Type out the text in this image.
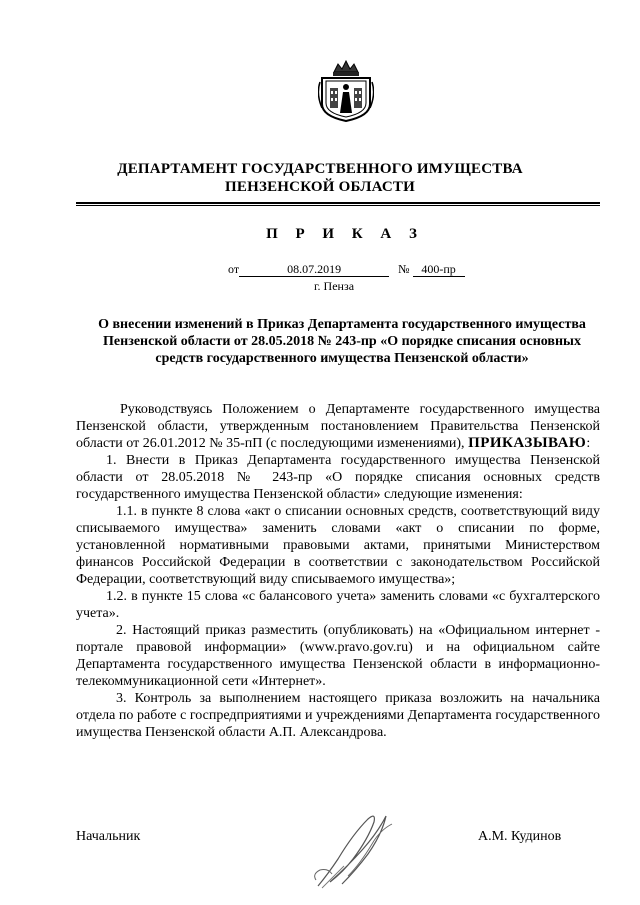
ДЕПАРТАМЕНТ ГОСУДАРСТВЕННОГО ИМУЩЕСТВА
ПЕНЗЕНСКОЙ ОБЛАСТИ
П Р И К А З
от	08.07.2019	№ 400-пр
г. Пенза
О внесении изменений в Приказ Департамента государственного имущества Пензенской области от 28.05.2018 № 243-пр «О порядке списания основных средств государственного имущества Пензенской области»

Руководствуясь Положением о Департаменте государственного имущества Пензенской области, утвержденным постановлением Правительства Пензенской области от 26.01.2012 № 35-пП (с последующими изменениями), ПРИКАЗЫВАЮ:

1. Внести в Приказ Департамента государственного имущества Пензенской области от 28.05.2018 № 243-пр «О порядке списания основных средств государственного имущества Пензенской области» следующие изменения:

1.1. в пункте 8 слова «акт о списании основных средств, соответствующий виду списываемого имущества» заменить словами «акт о списании по форме, установленной нормативными правовыми актами, принятыми Министерством финансов Российской Федерации в соответствии с законодательством Российской Федерации, соответствующий виду списываемого имущества»;

1.2. в пункте 15 слова «с балансового учета» заменить словами «с бухгалтерского учета».

2. Настоящий приказ разместить (опубликовать) на «Официальном интернет - портале правовой информации» (www.pravo.gov.ru) и на официальном сайте Департамента государственного имущества Пензенской области в информационно-телекоммуникационной сети «Интернет».

3. Контроль за выполнением настоящего приказа возложить на начальника отдела по работе с госпредприятиями и учреждениями Департамента государственного имущества Пензенской области А.П. Александрова.

Начальник	А.М. Кудинов
